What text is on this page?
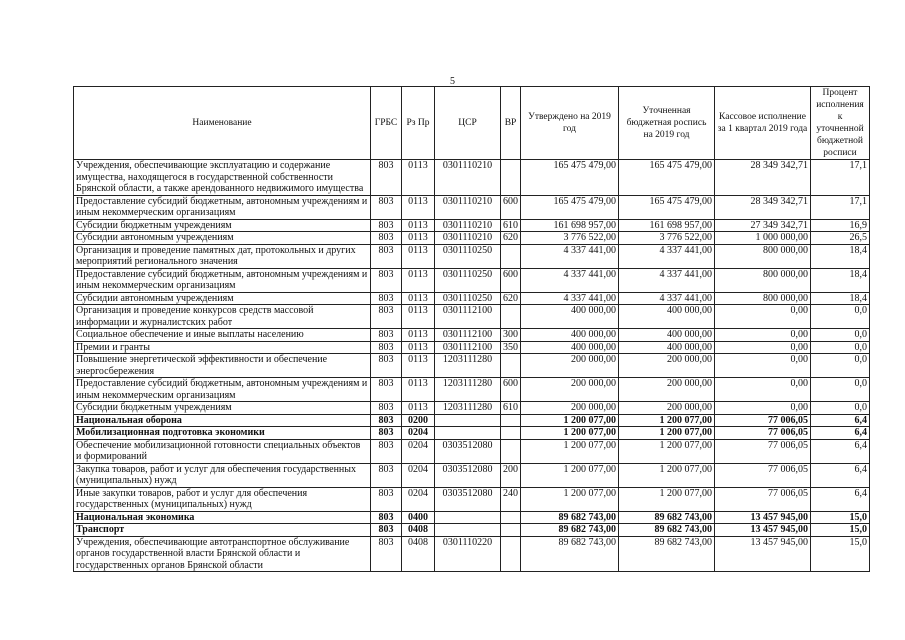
5
Наименование	ГРБС	Рз Пр	ЦСР	ВР	Утверждено на 2019 год	Уточненная бюджетная роспись на 2019 год	Кассовое исполнение за 1 квартал 2019 года	Процент исполнения к уточненной бюджетной росписи
Учреждения, обеспечивающие эксплуатацию и содержание имущества, находящегося в государственной собственности Брянской области, а также арендованного недвижимого имущества	803	0113	0301110210		165 475 479,00	165 475 479,00	28 349 342,71	17,1
Предоставление субсидий бюджетным, автономным учреждениям и иным некоммерческим организациям	803	0113	0301110210	600	165 475 479,00	165 475 479,00	28 349 342,71	17,1
Субсидии бюджетным учреждениям	803	0113	0301110210	610	161 698 957,00	161 698 957,00	27 349 342,71	16,9
Субсидии автономным учреждениям	803	0113	0301110210	620	3 776 522,00	3 776 522,00	1 000 000,00	26,5
Организация и проведение памятных дат, протокольных и других мероприятий регионального значения	803	0113	0301110250		4 337 441,00	4 337 441,00	800 000,00	18,4
Предоставление субсидий бюджетным, автономным учреждениям и иным некоммерческим организациям	803	0113	0301110250	600	4 337 441,00	4 337 441,00	800 000,00	18,4
Субсидии автономным учреждениям	803	0113	0301110250	620	4 337 441,00	4 337 441,00	800 000,00	18,4
Организация и проведение конкурсов средств массовой информации и журналистских работ	803	0113	0301112100		400 000,00	400 000,00	0,00	0,0
Социальное обеспечение и иные выплаты населению	803	0113	0301112100	300	400 000,00	400 000,00	0,00	0,0
Премии и гранты	803	0113	0301112100	350	400 000,00	400 000,00	0,00	0,0
Повышение энергетической эффективности и обеспечение энергосбережения	803	0113	1203111280		200 000,00	200 000,00	0,00	0,0
Предоставление субсидий бюджетным, автономным учреждениям и иным некоммерческим организациям	803	0113	1203111280	600	200 000,00	200 000,00	0,00	0,0
Субсидии бюджетным учреждениям	803	0113	1203111280	610	200 000,00	200 000,00	0,00	0,0
Национальная оборона	803	0200			1 200 077,00	1 200 077,00	77 006,05	6,4
Мобилизационная подготовка экономики	803	0204			1 200 077,00	1 200 077,00	77 006,05	6,4
Обеспечение мобилизационной готовности специальных объектов и формирований	803	0204	0303512080		1 200 077,00	1 200 077,00	77 006,05	6,4
Закупка товаров, работ и услуг для обеспечения государственных (муниципальных) нужд	803	0204	0303512080	200	1 200 077,00	1 200 077,00	77 006,05	6,4
Иные закупки товаров, работ и услуг для обеспечения государственных (муниципальных) нужд	803	0204	0303512080	240	1 200 077,00	1 200 077,00	77 006,05	6,4
Национальная экономика	803	0400			89 682 743,00	89 682 743,00	13 457 945,00	15,0
Транспорт	803	0408			89 682 743,00	89 682 743,00	13 457 945,00	15,0
Учреждения, обеспечивающие автотранспортное обслуживание органов государственной власти Брянской области и государственных органов Брянской области	803	0408	0301110220		89 682 743,00	89 682 743,00	13 457 945,00	15,0
